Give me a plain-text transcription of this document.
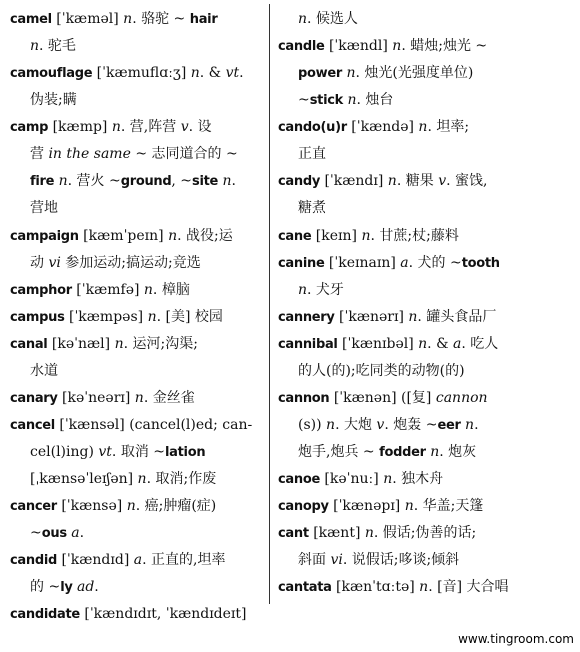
camel [ˈkæməl] n. 骆驼 ~ hair
n. 驼毛
camouflage [ˈkæmuflɑːʒ] n. & vt.
伪装;瞒
camp [kæmp] n. 营,阵营 v. 设
营 in the same ~ 志同道合的 ~
fire n. 营火 ~ground, ~site n.
营地
campaign [kæmˈpeɪn] n. 战役;运
动 vi 参加运动;搞运动;竞选
camphor [ˈkæmfə] n. 樟脑
campus [ˈkæmpəs] n. [美] 校园
canal [kəˈnæl] n. 运河;沟渠;
水道
canary [kəˈneərɪ] n. 金丝雀
cancel [ˈkænsəl] (cancel(l)ed; can-
cel(l)ing) vt. 取消 ~lation
[ˌkænsəˈleɪʃən] n. 取消;作废
cancer [ˈkænsə] n. 癌;肿瘤(症)
~ous a.
candid [ˈkændɪd] a. 正直的,坦率
的 ~ly ad.
candidate [ˈkændɪdɪt, ˈkændɪdeɪt]
n. 候选人
candle [ˈkændl] n. 蜡烛;烛光 ~
power n. 烛光(光强度单位)
~stick n. 烛台
cando(u)r [ˈkændə] n. 坦率;
正直
candy [ˈkændɪ] n. 糖果 v. 蜜饯,
糖煮
cane [keɪn] n. 甘蔗;杖;藤料
canine [ˈkeɪnaɪn] a. 犬的 ~tooth
n. 犬牙
cannery [ˈkænərɪ] n. 罐头食品厂
cannibal [ˈkænɪbəl] n. & a. 吃人
的人(的);吃同类的动物(的)
cannon [ˈkænən] ([复] cannon
(s)) n. 大炮 v. 炮轰 ~eer n.
炮手,炮兵 ~ fodder n. 炮灰
canoe [kəˈnuː] n. 独木舟
canopy [ˈkænəpɪ] n. 华盖;天篷
cant [kænt] n. 假话;伪善的话;
斜面 vi. 说假话;哆谈;倾斜
cantata [kænˈtɑːtə] n. [音] 大合唱
www.tingroom.com
